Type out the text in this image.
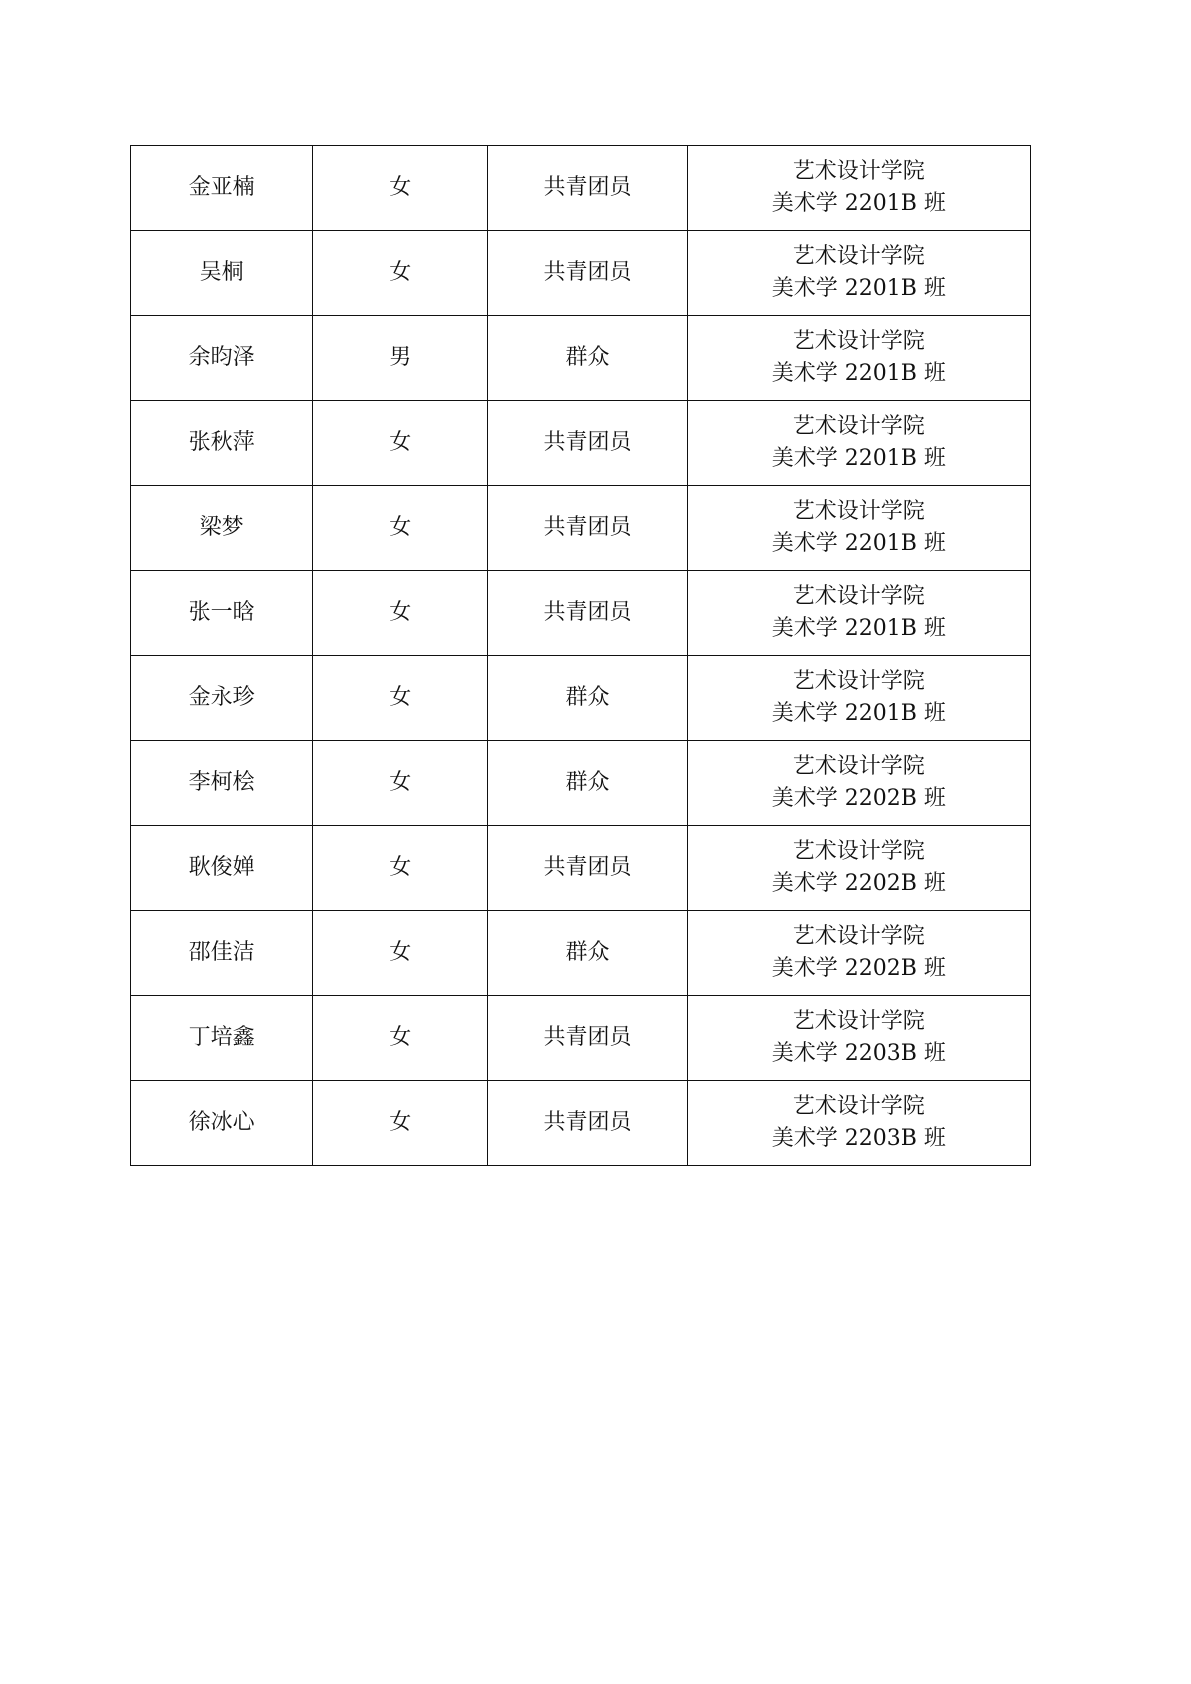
金亚楠	女	共青团员	艺术设计学院
美术学 2201B 班

吴桐	女	共青团员	艺术设计学院
美术学 2201B 班

余昀泽	男	群众	艺术设计学院
美术学 2201B 班

张秋萍	女	共青团员	艺术设计学院
美术学 2201B 班

梁梦	女	共青团员	艺术设计学院
美术学 2201B 班

张一晗	女	共青团员	艺术设计学院
美术学 2201B 班

金永珍	女	群众	艺术设计学院
美术学 2201B 班

李柯桧	女	群众	艺术设计学院
美术学 2202B 班

耿俊婵	女	共青团员	艺术设计学院
美术学 2202B 班

邵佳洁	女	群众	艺术设计学院
美术学 2202B 班

丁培鑫	女	共青团员	艺术设计学院
美术学 2203B 班

徐冰心	女	共青团员	艺术设计学院
美术学 2203B 班
